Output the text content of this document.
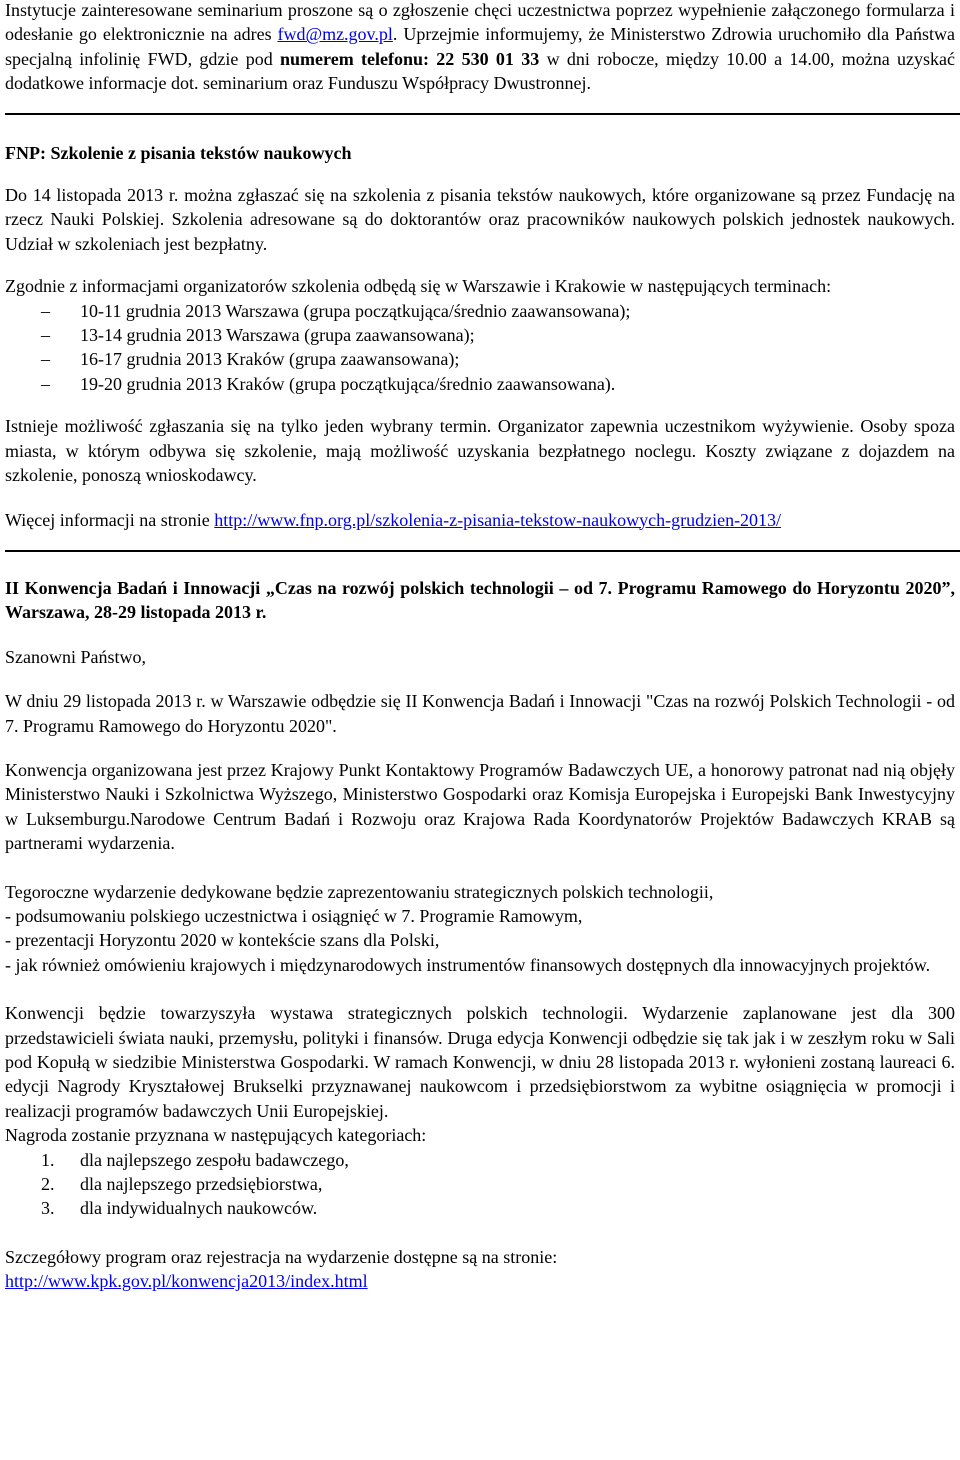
Instytucje zainteresowane seminarium proszone są o zgłoszenie chęci uczestnictwa poprzez wypełnienie załączonego formularza i odesłanie go elektronicznie na adres fwd@mz.gov.pl. Uprzejmie informujemy, że Ministerstwo Zdrowia uruchomiło dla Państwa specjalną infolinię FWD, gdzie pod numerem telefonu: 22 530 01 33 w dni robocze, między 10.00 a 14.00, można uzyskać dodatkowe informacje dot. seminarium oraz Funduszu Współpracy Dwustronnej.

FNP: Szkolenie z pisania tekstów naukowych

Do 14 listopada 2013 r. można zgłaszać się na szkolenia z pisania tekstów naukowych, które organizowane są przez Fundację na rzecz Nauki Polskiej. Szkolenia adresowane są do doktorantów oraz pracowników naukowych polskich jednostek naukowych. Udział w szkoleniach jest bezpłatny.

Zgodnie z informacjami organizatorów szkolenia odbędą się w Warszawie i Krakowie w następujących terminach:

– 10-11 grudnia 2013 Warszawa (grupa początkująca/średnio zaawansowana);
– 13-14 grudnia 2013 Warszawa (grupa zaawansowana);
– 16-17 grudnia 2013 Kraków (grupa zaawansowana);
– 19-20 grudnia 2013 Kraków (grupa początkująca/średnio zaawansowana).

Istnieje możliwość zgłaszania się na tylko jeden wybrany termin. Organizator zapewnia uczestnikom wyżywienie. Osoby spoza miasta, w którym odbywa się szkolenie, mają możliwość uzyskania bezpłatnego noclegu. Koszty związane z dojazdem na szkolenie, ponoszą wnioskodawcy.

Więcej informacji na stronie http://www.fnp.org.pl/szkolenia-z-pisania-tekstow-naukowych-grudzien-2013/

II Konwencja Badań i Innowacji „Czas na rozwój polskich technologii – od 7. Programu Ramowego do Horyzontu 2020”, Warszawa, 28-29 listopada 2013 r.

Szanowni Państwo,

W dniu 29 listopada 2013 r. w Warszawie odbędzie się II Konwencja Badań i Innowacji "Czas na rozwój Polskich Technologii - od 7. Programu Ramowego do Horyzontu 2020".

Konwencja organizowana jest przez Krajowy Punkt Kontaktowy Programów Badawczych UE, a honorowy patronat nad nią objęły Ministerstwo Nauki i Szkolnictwa Wyższego, Ministerstwo Gospodarki oraz Komisja Europejska i Europejski Bank Inwestycyjny w Luksemburgu.Narodowe Centrum Badań i Rozwoju oraz Krajowa Rada Koordynatorów Projektów Badawczych KRAB są partnerami wydarzenia.

Tegoroczne wydarzenie dedykowane będzie zaprezentowaniu strategicznych polskich technologii,

- podsumowaniu polskiego uczestnictwa i osiągnięć w 7. Programie Ramowym,

- prezentacji Horyzontu 2020 w kontekście szans dla Polski,

- jak również omówieniu krajowych i międzynarodowych instrumentów finansowych dostępnych dla innowacyjnych projektów.

Konwencji będzie towarzyszyła wystawa strategicznych polskich technologii. Wydarzenie zaplanowane jest dla 300 przedstawicieli świata nauki, przemysłu, polityki i finansów. Druga edycja Konwencji odbędzie się tak jak i w zeszłym roku w Sali pod Kopułą w siedzibie Ministerstwa Gospodarki. W ramach Konwencji, w dniu 28 listopada 2013 r. wyłonieni zostaną laureaci 6. edycji Nagrody Kryształowej Brukselki przyznawanej naukowcom i przedsiębiorstwom za wybitne osiągnięcia w promocji i realizacji programów badawczych Unii Europejskiej.

Nagroda zostanie przyznana w następujących kategoriach:

1. dla najlepszego zespołu badawczego,
2. dla najlepszego przedsiębiorstwa,
3. dla indywidualnych naukowców.

Szczegółowy program oraz rejestracja na wydarzenie dostępne są na stronie:

http://www.kpk.gov.pl/konwencja2013/index.html
